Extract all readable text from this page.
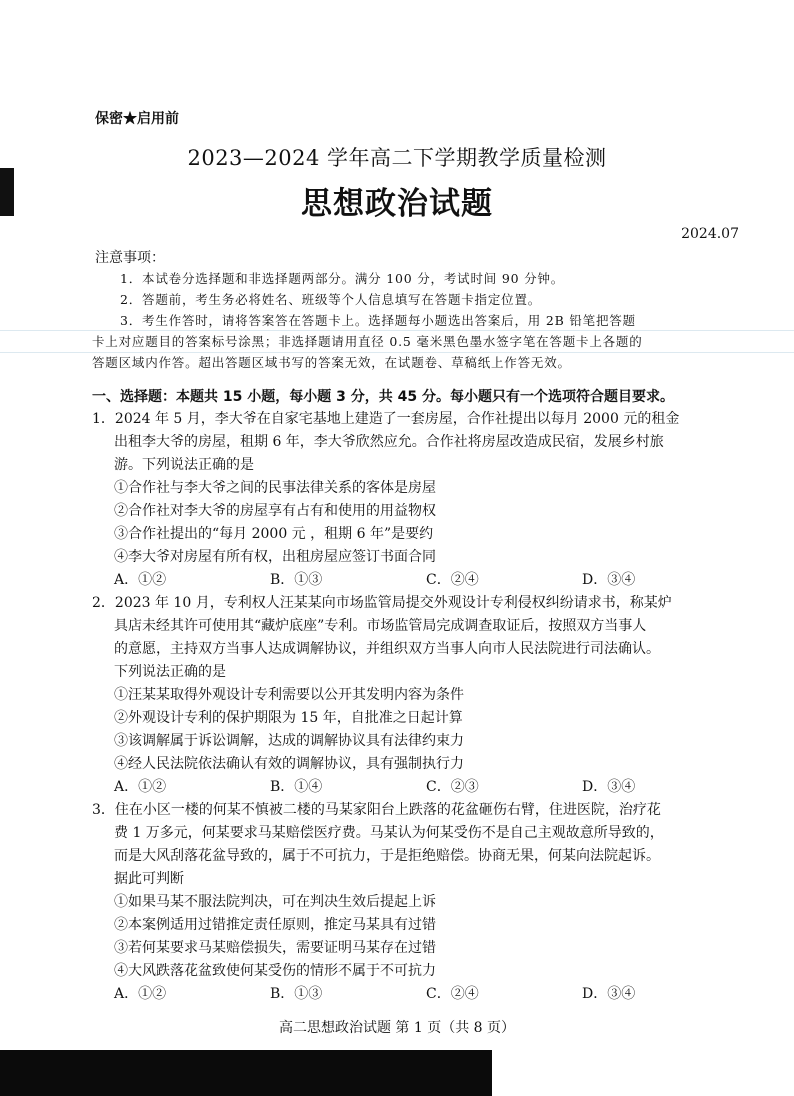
保密★启用前
2023—2024 学年高二下学期教学质量检测
思想政治试题
2024.07
注意事项：
1．本试卷分选择题和非选择题两部分。满分 100 分，考试时间 90 分钟。
2．答题前，考生务必将姓名、班级等个人信息填写在答题卡指定位置。
3．考生作答时，请将答案答在答题卡上。选择题每小题选出答案后，用 2B 铅笔把答题
卡上对应题目的答案标号涂黑；非选择题请用直径 0.5 毫米黑色墨水签字笔在答题卡上各题的
答题区域内作答。超出答题区域书写的答案无效，在试题卷、草稿纸上作答无效。
一、选择题：本题共 15 小题，每小题 3 分，共 45 分。每小题只有一个选项符合题目要求。
1．2024 年 5 月，李大爷在自家宅基地上建造了一套房屋，合作社提出以每月 2000 元的租金
出租李大爷的房屋，租期 6 年，李大爷欣然应允。合作社将房屋改造成民宿，发展乡村旅
游。下列说法正确的是
①合作社与李大爷之间的民事法律关系的客体是房屋
②合作社对李大爷的房屋享有占有和使用的用益物权
③合作社提出的“每月 2000 元 ，租期 6 年”是要约
④李大爷对房屋有所有权，出租房屋应签订书面合同
A．①②	B．①③	C．②④	D．③④
2．2023 年 10 月，专利权人汪某某向市场监管局提交外观设计专利侵权纠纷请求书，称某炉
具店未经其许可使用其“藏炉底座”专利。市场监管局完成调查取证后，按照双方当事人
的意愿，主持双方当事人达成调解协议，并组织双方当事人向市人民法院进行司法确认。
下列说法正确的是
①汪某某取得外观设计专利需要以公开其发明内容为条件
②外观设计专利的保护期限为 15 年，自批准之日起计算
③该调解属于诉讼调解，达成的调解协议具有法律约束力
④经人民法院依法确认有效的调解协议，具有强制执行力
A．①②	B．①④	C．②③	D．③④
3．住在小区一楼的何某不慎被二楼的马某家阳台上跌落的花盆砸伤右臂，住进医院，治疗花
费 1 万多元，何某要求马某赔偿医疗费。马某认为何某受伤不是自己主观故意所导致的，
而是大风刮落花盆导致的，属于不可抗力，于是拒绝赔偿。协商无果，何某向法院起诉。
据此可判断
①如果马某不服法院判决，可在判决生效后提起上诉
②本案例适用过错推定责任原则，推定马某具有过错
③若何某要求马某赔偿损失，需要证明马某存在过错
④大风跌落花盆致使何某受伤的情形不属于不可抗力
A．①②	B．①③	C．②④	D．③④
高二思想政治试题 第 1 页（共 8 页）
